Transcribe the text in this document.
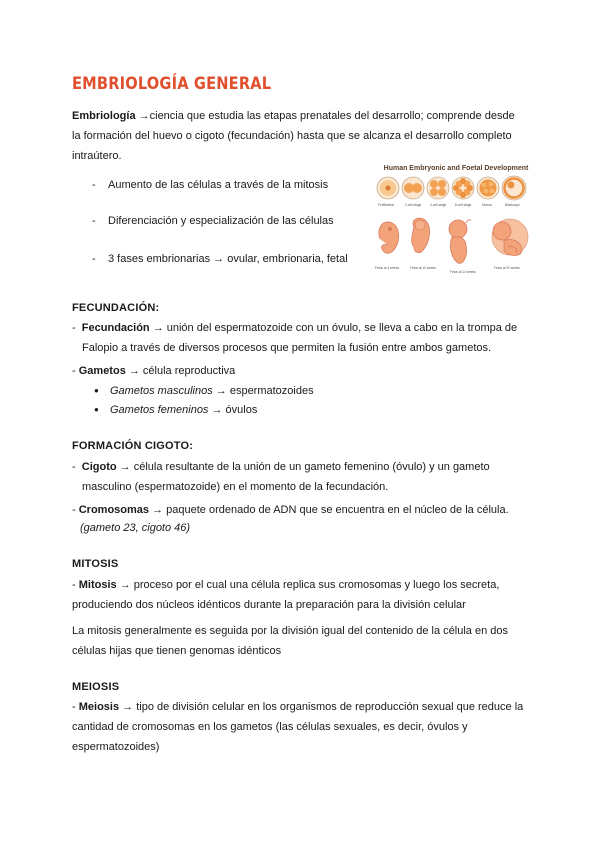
EMBRIOLOGÍA GENERAL
Embriología →ciencia que estudia las etapas prenatales del desarrollo; comprende desde
la formación del huevo o cigoto (fecundación) hasta que se alcanza el desarrollo completo
intraútero.
- Aumento de las células a través de la mitosis
- Diferenciación y especialización de las células
- 3 fases embrionarias → ovular, embrionaria, fetal
Human Embryonic and Foetal Development
Fertilization	2-cell stage	4-cell stage	8-cell stage	Morula	Blastocyst
Fetus at 4 weeks	Fetus at 10 weeks
Fetus at 14 weeks
Fetus at 20 weeks
FECUNDACIÓN:
- Fecundación → unión del espermatozoide con un óvulo, se lleva a cabo en la trompa de
Falopio a través de diversos procesos que permiten la fusión entre ambos gametos.
- Gametos → célula reproductiva
● Gametos masculinos → espermatozoides
● Gametos femeninos → óvulos
FORMACIÓN CIGOTO:
- Cigoto → célula resultante de la unión de un gameto femenino (óvulo) y un gameto
masculino (espermatozoide) en el momento de la fecundación.
- Cromosomas → paquete ordenado de ADN que se encuentra en el núcleo de la célula.
(gameto 23, cigoto 46)
MITOSIS
- Mitosis → proceso por el cual una célula replica sus cromosomas y luego los secreta,
produciendo dos núcleos idénticos durante la preparación para la división celular
La mitosis generalmente es seguida por la división igual del contenido de la célula en dos
células hijas que tienen genomas idénticos
MEIOSIS
- Meiosis → tipo de división celular en los organismos de reproducción sexual que reduce la
cantidad de cromosomas en los gametos (las células sexuales, es decir, óvulos y
espermatozoides)
